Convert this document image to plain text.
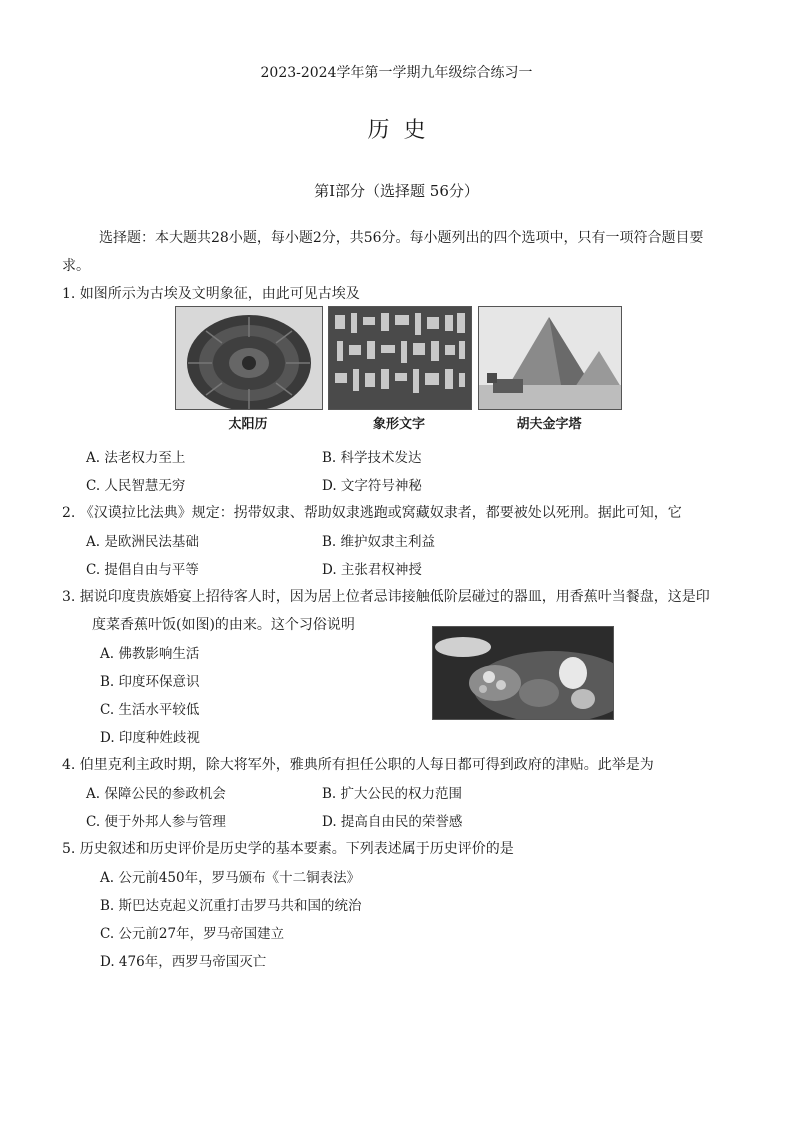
2023-2024学年第一学期九年级综合练习一
历史
第Ⅰ部分（选择题 56分）
选择题：本大题共28小题，每小题2分，共56分。每小题列出的四个选项中，只有一项符合题目要
求。
1. 如图所示为古埃及文明象征，由此可见古埃及
太阳历	象形文字	胡夫金字塔
A. 法老权力至上	B. 科学技术发达
C. 人民智慧无穷	D. 文字符号神秘
2. 《汉谟拉比法典》规定：拐带奴隶、帮助奴隶逃跑或窝藏奴隶者，都要被处以死刑。据此可知，它
A. 是欧洲民法基础	B. 维护奴隶主利益
C. 提倡自由与平等	D. 主张君权神授
3. 据说印度贵族婚宴上招待客人时，因为居上位者忌讳接触低阶层碰过的器皿，用香蕉叶当餐盘，这是印
度菜香蕉叶饭(如图)的由来。这个习俗说明
A. 佛教影响生活
B. 印度环保意识
C. 生活水平较低
D. 印度种姓歧视
4. 伯里克利主政时期，除大将军外，雅典所有担任公职的人每日都可得到政府的津贴。此举是为
A. 保障公民的参政机会	B. 扩大公民的权力范围
C. 便于外邦人参与管理	D. 提高自由民的荣誉感
5. 历史叙述和历史评价是历史学的基本要素。下列表述属于历史评价的是
A. 公元前450年，罗马颁布《十二铜表法》
B. 斯巴达克起义沉重打击罗马共和国的统治
C. 公元前27年，罗马帝国建立
D. 476年，西罗马帝国灭亡
